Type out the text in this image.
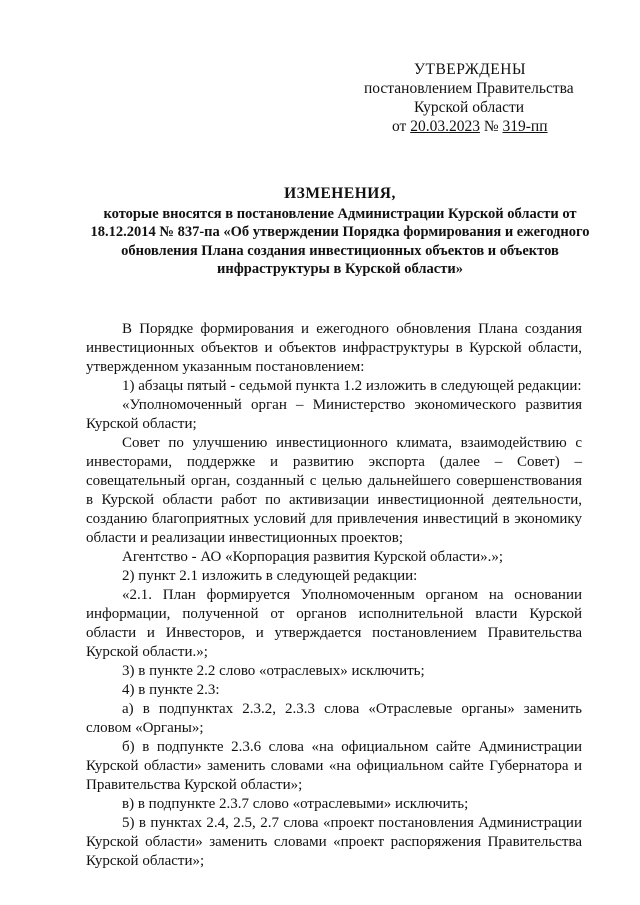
УТВЕРЖДЕНЫ
постановлением Правительства
Курской области
от 20.03.2023 № 319-пп
ИЗМЕНЕНИЯ,
которые вносятся в постановление Администрации Курской области от 18.12.2014 № 837-па «Об утверждении Порядка формирования и ежегодного обновления Плана создания инвестиционных объектов и объектов инфраструктуры в Курской области»

В Порядке формирования и ежегодного обновления Плана создания инвестиционных объектов и объектов инфраструктуры в Курской области, утвержденном указанным постановлением:

1) абзацы пятый - седьмой пункта 1.2 изложить в следующей редакции:

«Уполномоченный орган – Министерство экономического развития Курской области;

Совет по улучшению инвестиционного климата, взаимодействию с инвесторами, поддержке и развитию экспорта (далее – Совет) – совещательный орган, созданный с целью дальнейшего совершенствования в Курской области работ по активизации инвестиционной деятельности, созданию благоприятных условий для привлечения инвестиций в экономику области и реализации инвестиционных проектов;

Агентство - АО «Корпорация развития Курской области».»;

2) пункт 2.1 изложить в следующей редакции:

«2.1. План формируется Уполномоченным органом на основании информации, полученной от органов исполнительной власти Курской области и Инвесторов, и утверждается постановлением Правительства Курской области.»;

3) в пункте 2.2 слово «отраслевых» исключить;

4) в пункте 2.3:

а) в подпунктах 2.3.2, 2.3.3 слова «Отраслевые органы» заменить словом «Органы»;

б) в подпункте 2.3.6 слова «на официальном сайте Администрации Курской области» заменить словами «на официальном сайте Губернатора и Правительства Курской области»;

в) в подпункте 2.3.7 слово «отраслевыми» исключить;

5) в пунктах 2.4, 2.5, 2.7 слова «проект постановления Администрации Курской области» заменить словами «проект распоряжения Правительства Курской области»;
